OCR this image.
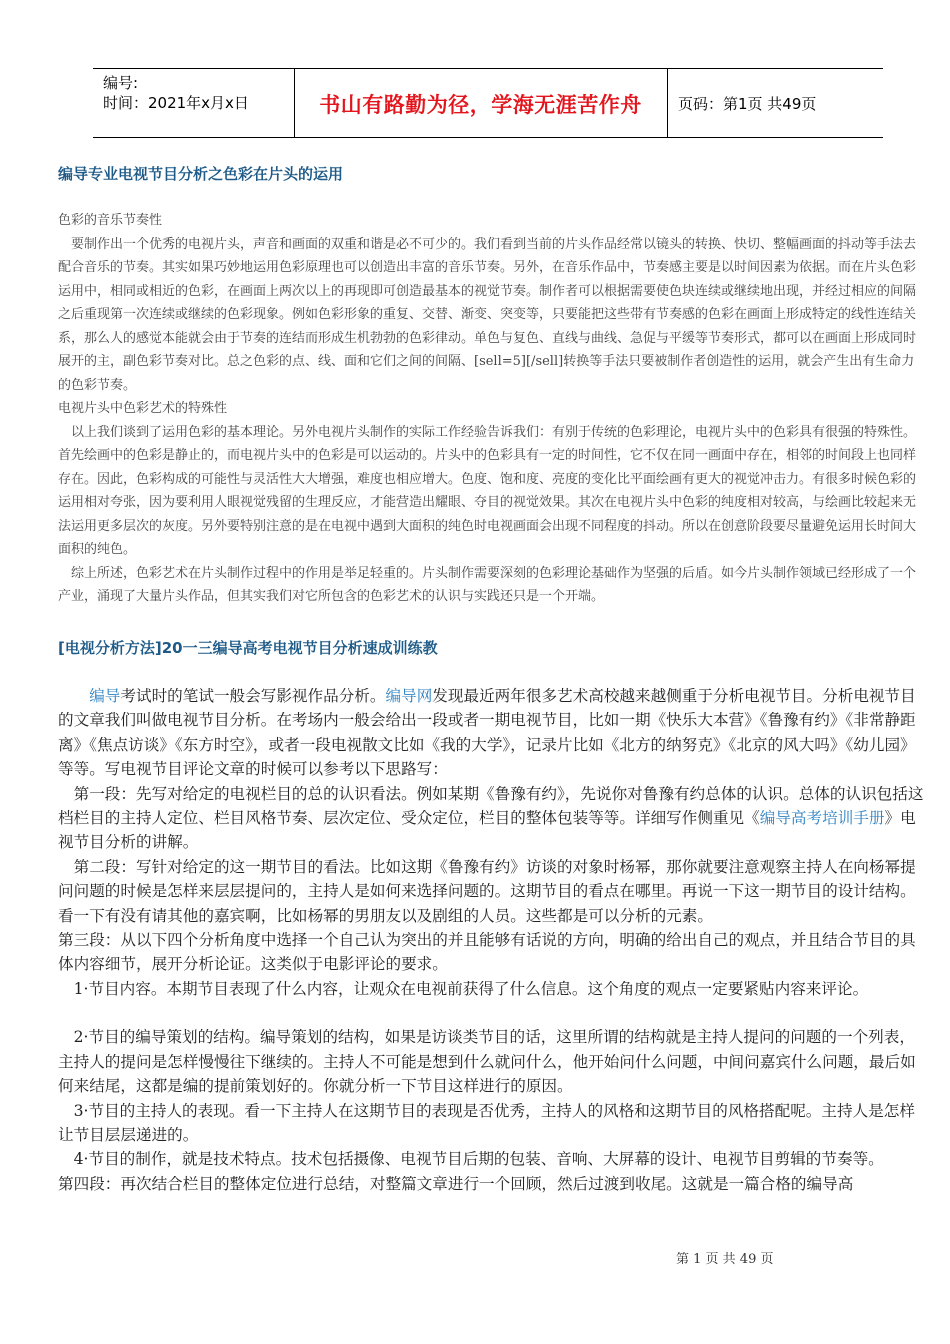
编号:
时间：2021年x月x日	书山有路勤为径，学海无涯苦作舟	页码：第1页 共49页
编导专业电视节目分析之色彩在片头的运用

色彩的音乐节奏性

要制作出一个优秀的电视片头，声音和画面的双重和谐是必不可少的。我们看到当前的片头作品经常以镜头的转换、快切、整幅画面的抖动等手法去配合音乐的节奏。其实如果巧妙地运用色彩原理也可以创造出丰富的音乐节奏。另外，在音乐作品中，节奏感主要是以时间因素为依据。而在片头色彩运用中，相同或相近的色彩，在画面上两次以上的再现即可创造最基本的视觉节奏。制作者可以根据需要使色块连续或继续地出现，并经过相应的间隔之后重现第一次连续或继续的色彩现象。例如色彩形象的重复、交替、渐变、突变等，只要能把这些带有节奏感的色彩在画面上形成特定的线性连结关系，那么人的感觉本能就会由于节奏的连结而形成生机勃勃的色彩律动。单色与复色、直线与曲线、急促与平缓等节奏形式，都可以在画面上形成同时展开的主，副色彩节奏对比。总之色彩的点、线、面和它们之间的间隔、[sell=5][/sell]转换等手法只要被制作者创造性的运用，就会产生出有生命力的色彩节奏。

电视片头中色彩艺术的特殊性

以上我们谈到了运用色彩的基本理论。另外电视片头制作的实际工作经验告诉我们：有别于传统的色彩理论，电视片头中的色彩具有很强的特殊性。首先绘画中的色彩是静止的，而电视片头中的色彩是可以运动的。片头中的色彩具有一定的时间性，它不仅在同一画面中存在，相邻的时间段上也同样存在。因此，色彩构成的可能性与灵活性大大增强，难度也相应增大。色度、饱和度、亮度的变化比平面绘画有更大的视觉冲击力。有很多时候色彩的运用相对夸张，因为要利用人眼视觉残留的生理反应，才能营造出耀眼、夺目的视觉效果。其次在电视片头中色彩的纯度相对较高，与绘画比较起来无法运用更多层次的灰度。另外要特别注意的是在电视中遇到大面积的纯色时电视画面会出现不同程度的抖动。所以在创意阶段要尽量避免运用长时间大面积的纯色。

综上所述，色彩艺术在片头制作过程中的作用是举足轻重的。片头制作需要深刻的色彩理论基础作为坚强的后盾。如今片头制作领域已经形成了一个产业，涌现了大量片头作品，但其实我们对它所包含的色彩艺术的认识与实践还只是一个开端。

[电视分析方法]20一三编导高考电视节目分析速成训练教

编导考试时的笔试一般会写影视作品分析。编导网发现最近两年很多艺术高校越来越侧重于分析电视节目。分析电视节目的文章我们叫做电视节目分析。在考场内一般会给出一段或者一期电视节目，比如一期《快乐大本营》《鲁豫有约》《非常静距离》《焦点访谈》《东方时空》，或者一段电视散文比如《我的大学》，记录片比如《北方的纳努克》《北京的风大吗》《幼儿园》等等。写电视节目评论文章的时候可以参考以下思路写：

第一段：先写对给定的电视栏目的总的认识看法。例如某期《鲁豫有约》，先说你对鲁豫有约总体的认识。总体的认识包括这档栏目的主持人定位、栏目风格节奏、层次定位、受众定位，栏目的整体包装等等。详细写作侧重见《编导高考培训手册》电视节目分析的讲解。

第二段：写针对给定的这一期节目的看法。比如这期《鲁豫有约》访谈的对象时杨幂，那你就要注意观察主持人在向杨幂提问问题的时候是怎样来层层提问的，主持人是如何来选择问题的。这期节目的看点在哪里。再说一下这一期节目的设计结构。看一下有没有请其他的嘉宾啊，比如杨幂的男朋友以及剧组的人员。这些都是可以分析的元素。

第三段：从以下四个分析角度中选择一个自己认为突出的并且能够有话说的方向，明确的给出自己的观点，并且结合节目的具体内容细节，展开分析论证。这类似于电影评论的要求。

1·节目内容。本期节目表现了什么内容，让观众在电视前获得了什么信息。这个角度的观点一定要紧贴内容来评论。

2·节目的编导策划的结构。编导策划的结构，如果是访谈类节目的话，这里所谓的结构就是主持人提问的问题的一个列表，主持人的提问是怎样慢慢往下继续的。主持人不可能是想到什么就问什么，他开始问什么问题，中间问嘉宾什么问题，最后如何来结尾，这都是编的提前策划好的。你就分析一下节目这样进行的原因。

3·节目的主持人的表现。看一下主持人在这期节目的表现是否优秀，主持人的风格和这期节目的风格搭配呢。主持人是怎样让节目层层递进的。

4·节目的制作，就是技术特点。技术包括摄像、电视节目后期的包装、音响、大屏幕的设计、电视节目剪辑的节奏等。

第四段：再次结合栏目的整体定位进行总结，对整篇文章进行一个回顾，然后过渡到收尾。这就是一篇合格的编导高

第 1 页 共 49 页
